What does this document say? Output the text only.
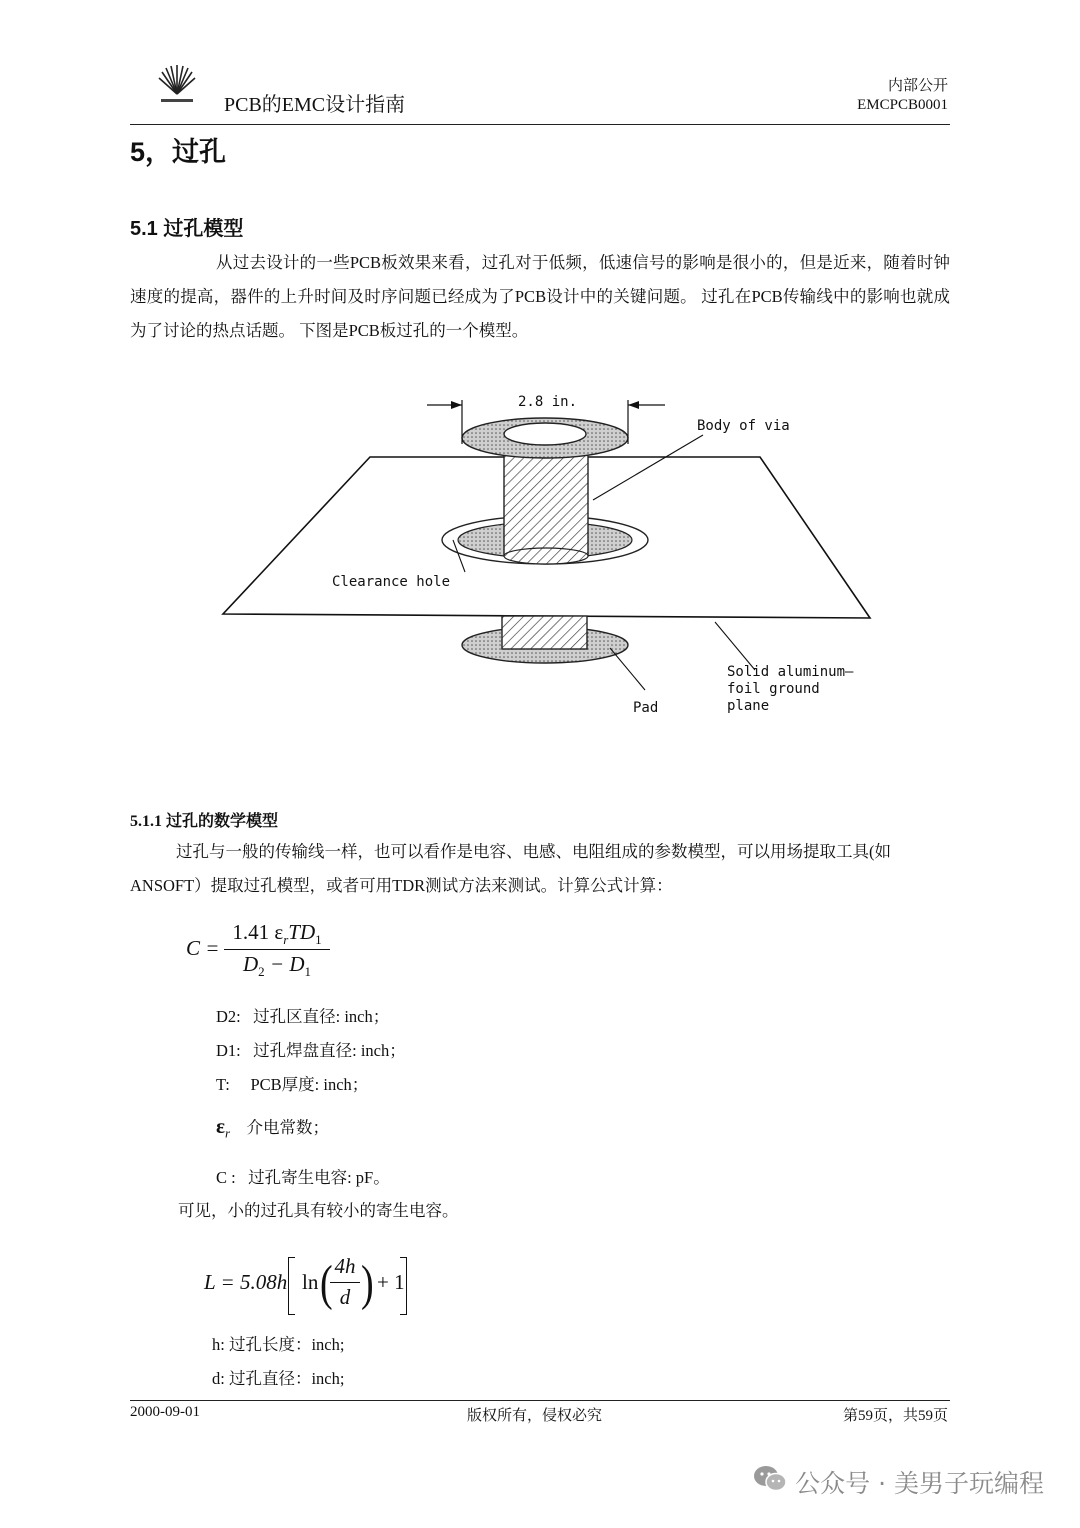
PCB的EMC设计指南
内部公开
EMCPCB0001
5，过孔
5.1 过孔模型
从过去设计的一些PCB板效果来看，过孔对于低频，低速信号的影响是很小的，但是近来，随着时钟速度的提高，器件的上升时间及时序问题已经成为了PCB设计中的关键问题。 过孔在PCB传输线中的影响也就成为了讨论的热点话题。 下图是PCB板过孔的一个模型。
2.8 in.
Body of via
Clearance hole
Pad
Solid aluminum–
foil ground
plane
5.1.1 过孔的数学模型
过孔与一般的传输线一样，也可以看作是电容、电感、电阻组成的参数模型，可以用场提取工具(如ANSOFT）提取过孔模型，或者可用TDR测试方法来测试。计算公式计算：
C =
1.41 $\varepsilon_rTD_1$
$D_2 - D_1$
D2: 过孔区直径: inch；
D1: 过孔焊盘直径: inch；
T: PCB厚度: inch；
$\varepsilon_r$ 介电常数；
C : 过孔寄生电容: pF。
可见，小的过孔具有较小的寄生电容。
L = 5.08h ln ( 4h
d ) + 1
h: 过孔长度：inch;
d: 过孔直径：inch;
2000-09-01	版权所有，侵权必究	第59页，共59页
公众号 · 美男子玩编程
